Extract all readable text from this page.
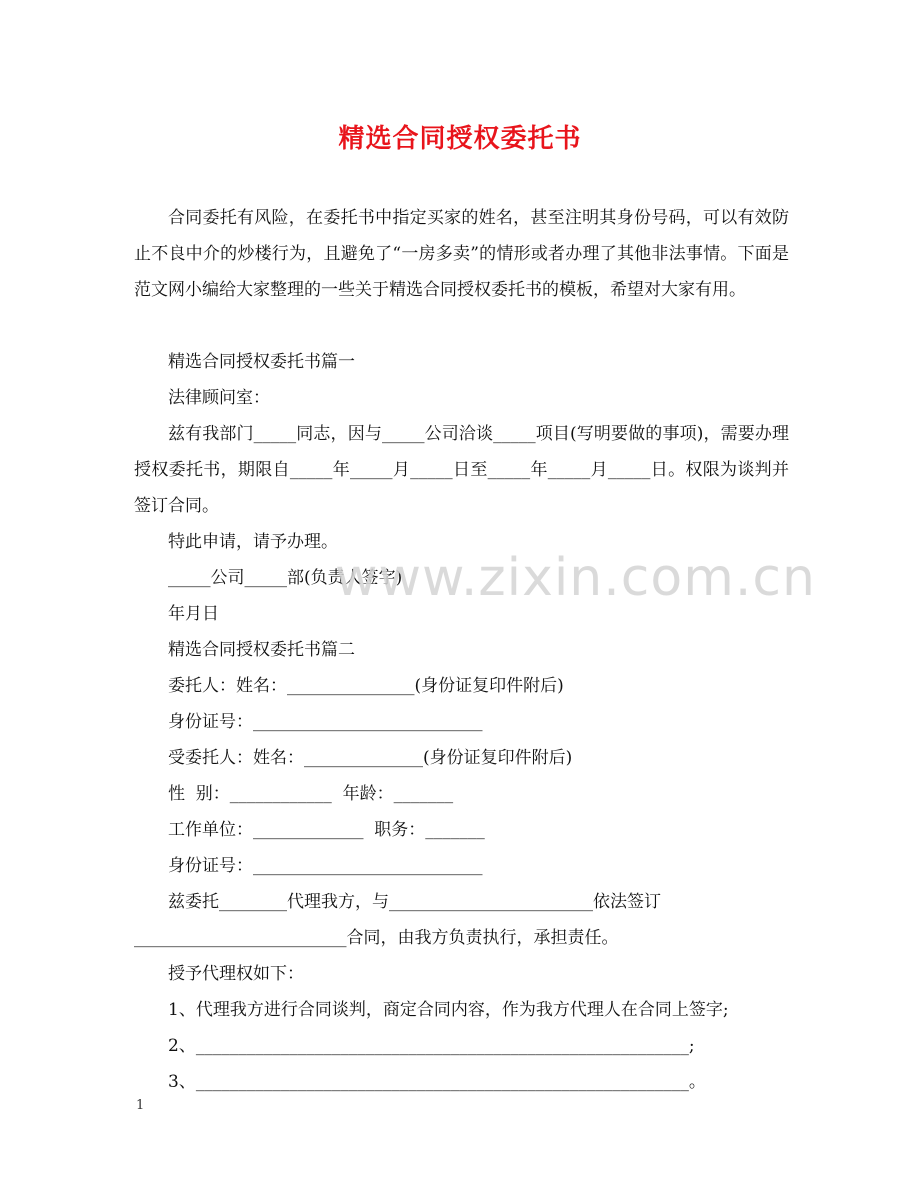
精选合同授权委托书

合同委托有风险，在委托书中指定买家的姓名，甚至注明其身份号码，可以有效防止不良中介的炒楼行为，且避免了“一房多卖”的情形或者办理了其他非法事情。下面是范文网小编给大家整理的一些关于精选合同授权委托书的模板，希望对大家有用。

精选合同授权委托书篇一

法律顾问室：

兹有我部门_____同志，因与_____公司洽谈_____项目(写明要做的事项)，需要办理授权委托书，期限自_____年_____月_____日至_____年_____月_____日。权限为谈判并签订合同。

特此申请，请予办理。

_____公司_____部(负责人签字)

年月日

精选合同授权委托书篇二

委托人：姓名：_______________(身份证复印件附后)

身份证号：___________________________

受委托人：姓名：______________(身份证复印件附后)

性  别：____________  年龄：_______

工作单位：_____________  职务：_______

身份证号：___________________________

兹委托________代理我方，与________________________依法签订

_________________________合同，由我方负责执行，承担责任。

授予代理权如下：

1、代理我方进行合同谈判，商定合同内容，作为我方代理人在合同上签字;

2、__________________________________________________________;

3、__________________________________________________________。

www.zixin.com.cn
1
